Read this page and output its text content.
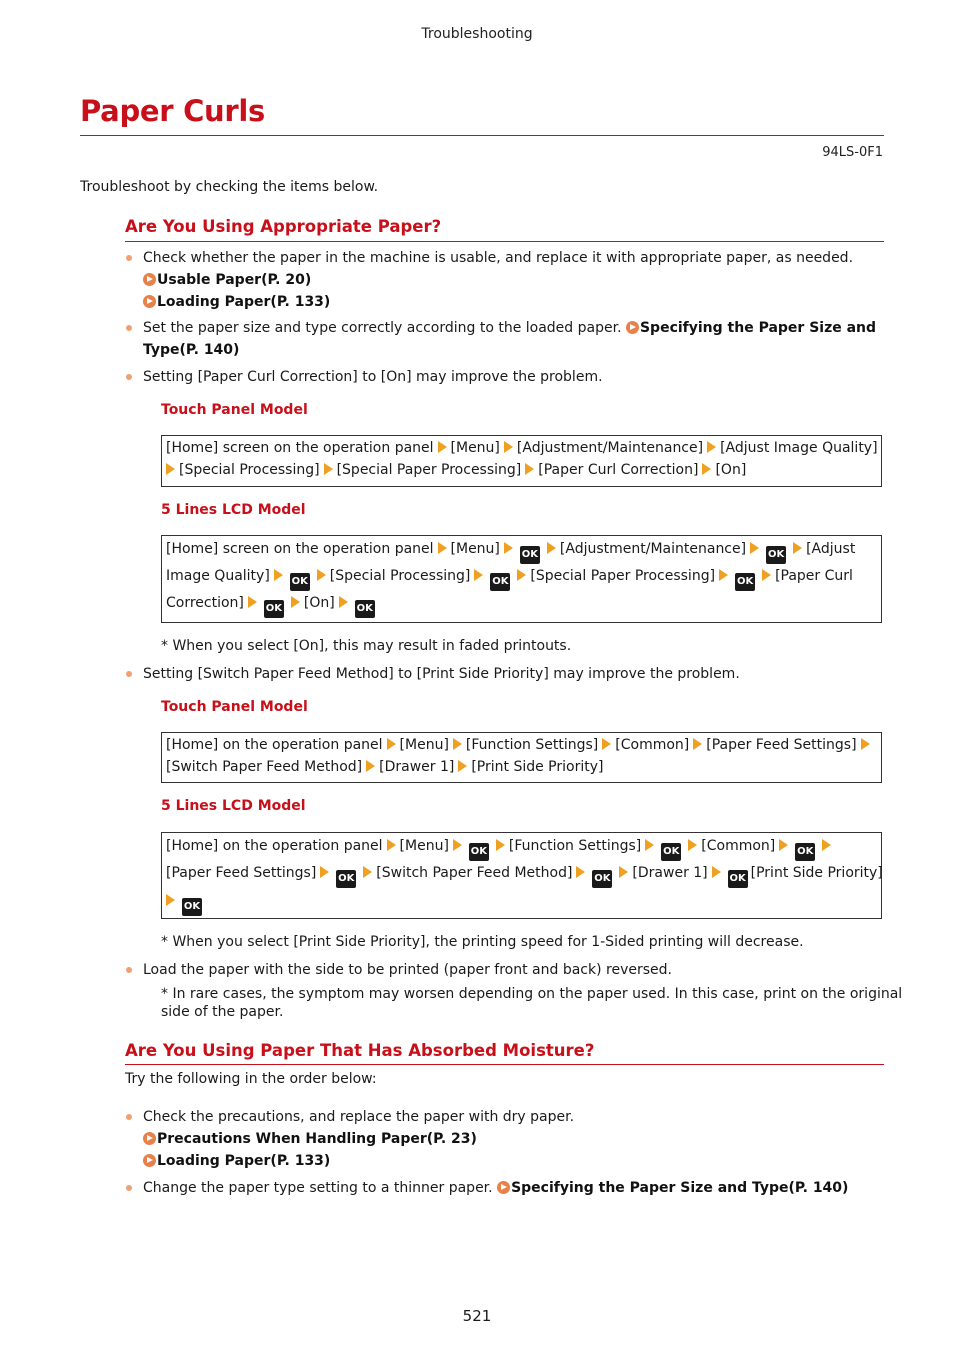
Troubleshooting
Paper Curls
94LS-0F1
Troubleshoot by checking the items below.
Are You Using Appropriate Paper?
Check whether the paper in the machine is usable, and replace it with appropriate paper, as needed.
Usable Paper(P. 20)
Loading Paper(P. 133)
Set the paper size and type correctly according to the loaded paper. Specifying the Paper Size and
Type(P. 140)
Setting [Paper Curl Correction] to [On] may improve the problem.
Touch Panel Model
[Home] screen on the operation panel [Menu] [Adjustment/Maintenance] [Adjust Image Quality]
[Special Processing] [Special Paper Processing] [Paper Curl Correction] [On]
5 Lines LCD Model
[Home] screen on the operation panel [Menu] OK [Adjustment/Maintenance] OK [Adjust
Image Quality] OK [Special Processing] OK [Special Paper Processing] OK [Paper Curl
Correction] OK [On] OK
* When you select [On], this may result in faded printouts.
Setting [Switch Paper Feed Method] to [Print Side Priority] may improve the problem.
Touch Panel Model
[Home] on the operation panel [Menu] [Function Settings] [Common] [Paper Feed Settings]
[Switch Paper Feed Method] [Drawer 1] [Print Side Priority]
5 Lines LCD Model
[Home] on the operation panel [Menu] OK [Function Settings] OK [Common] OK
[Paper Feed Settings] OK [Switch Paper Feed Method] OK [Drawer 1] OK [Print Side Priority]
OK
* When you select [Print Side Priority], the printing speed for 1-Sided printing will decrease.
Load the paper with the side to be printed (paper front and back) reversed.
* In rare cases, the symptom may worsen depending on the paper used. In this case, print on the original
side of the paper.
Are You Using Paper That Has Absorbed Moisture?
Try the following in the order below:
Check the precautions, and replace the paper with dry paper.
Precautions When Handling Paper(P. 23)
Loading Paper(P. 133)
Change the paper type setting to a thinner paper. Specifying the Paper Size and Type(P. 140)
521
